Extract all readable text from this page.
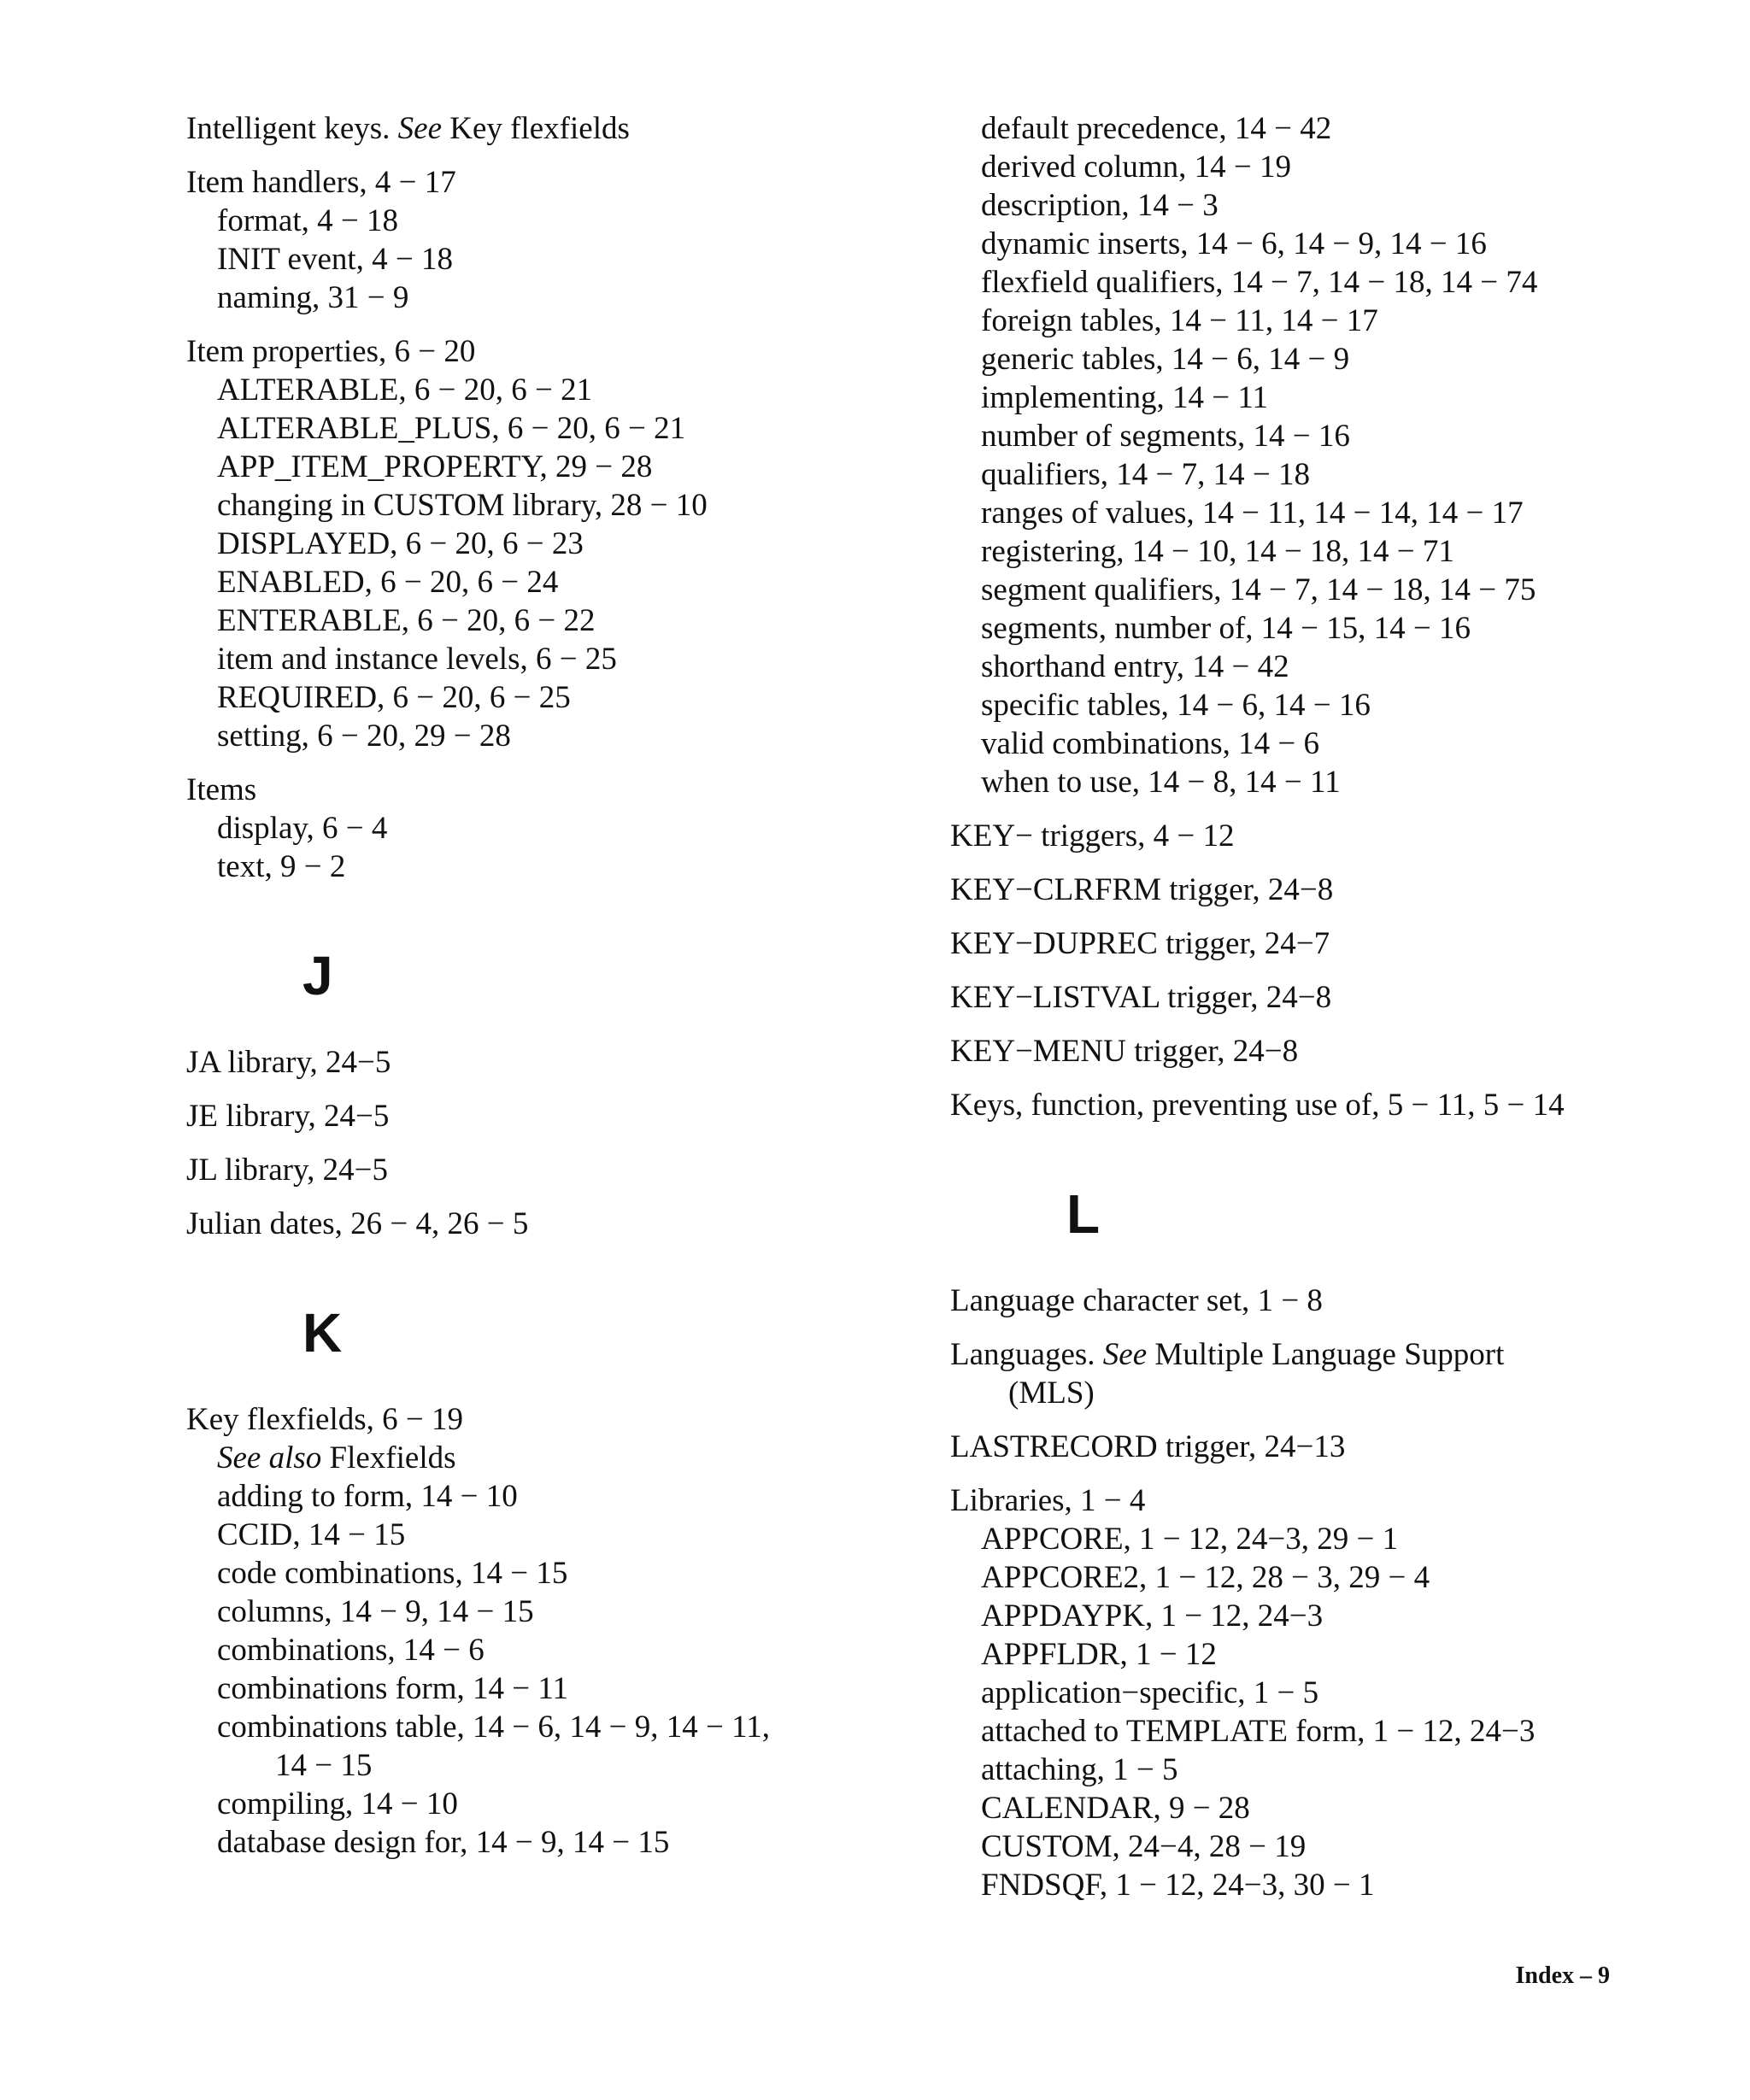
Intelligent keys. See Key flexfields
Item handlers, 4 − 17
format, 4 − 18
INIT event, 4 − 18
naming, 31 − 9
Item properties, 6 − 20
ALTERABLE, 6 − 20, 6 − 21
ALTERABLE_PLUS, 6 − 20, 6 − 21
APP_ITEM_PROPERTY, 29 − 28
changing in CUSTOM library, 28 − 10
DISPLAYED, 6 − 20, 6 − 23
ENABLED, 6 − 20, 6 − 24
ENTERABLE, 6 − 20, 6 − 22
item and instance levels, 6 − 25
REQUIRED, 6 − 20, 6 − 25
setting, 6 − 20, 29 − 28
Items
display, 6 − 4
text, 9 − 2
J
JA library, 24−5
JE library, 24−5
JL library, 24−5
Julian dates, 26 − 4, 26 − 5
K
Key flexfields, 6 − 19
See also Flexfields
adding to form, 14 − 10
CCID, 14 − 15
code combinations, 14 − 15
columns, 14 − 9, 14 − 15
combinations, 14 − 6
combinations form, 14 − 11
combinations table, 14 − 6, 14 − 9, 14 − 11,
14 − 15
compiling, 14 − 10
database design for, 14 − 9, 14 − 15
default precedence, 14 − 42
derived column, 14 − 19
description, 14 − 3
dynamic inserts, 14 − 6, 14 − 9, 14 − 16
flexfield qualifiers, 14 − 7, 14 − 18, 14 − 74
foreign tables, 14 − 11, 14 − 17
generic tables, 14 − 6, 14 − 9
implementing, 14 − 11
number of segments, 14 − 16
qualifiers, 14 − 7, 14 − 18
ranges of values, 14 − 11, 14 − 14, 14 − 17
registering, 14 − 10, 14 − 18, 14 − 71
segment qualifiers, 14 − 7, 14 − 18, 14 − 75
segments, number of, 14 − 15, 14 − 16
shorthand entry, 14 − 42
specific tables, 14 − 6, 14 − 16
valid combinations, 14 − 6
when to use, 14 − 8, 14 − 11
KEY− triggers, 4 − 12
KEY−CLRFRM trigger, 24−8
KEY−DUPREC trigger, 24−7
KEY−LISTVAL trigger, 24−8
KEY−MENU trigger, 24−8
Keys, function, preventing use of, 5 − 11, 5 − 14
L
Language character set, 1 − 8
Languages. See Multiple Language Support
(MLS)
LASTRECORD trigger, 24−13
Libraries, 1 − 4
APPCORE, 1 − 12, 24−3, 29 − 1
APPCORE2, 1 − 12, 28 − 3, 29 − 4
APPDAYPK, 1 − 12, 24−3
APPFLDR, 1 − 12
application−specific, 1 − 5
attached to TEMPLATE form, 1 − 12, 24−3
attaching, 1 − 5
CALENDAR, 9 − 28
CUSTOM, 24−4, 28 − 19
FNDSQF, 1 − 12, 24−3, 30 − 1
Index – 9
